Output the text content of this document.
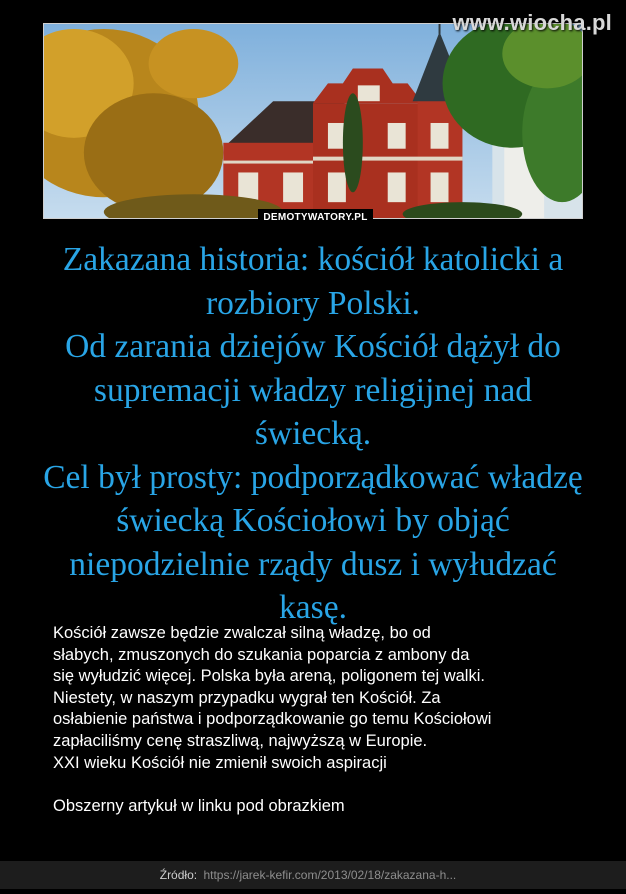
www.wiocha.pl
DEMOTYWATORY.PL
Zakazana historia: kościół katolicki a
rozbiory Polski.
Od zarania dziejów Kościół dążył do
supremacji władzy religijnej nad
świecką.
Cel był prosty: podporządkować władzę
świecką Kościołowi by objąć
niepodzielnie rządy dusz i wyłudzać
kasę.

Kościół zawsze będzie zwalczał silną władzę, bo od

słabych, zmuszonych do szukania poparcia z ambony da

się wyłudzić więcej. Polska była areną, poligonem tej walki.

Niestety, w naszym przypadku wygrał ten Kościół. Za

osłabienie państwa i podporządkowanie go temu Kościołowi

zapłaciliśmy cenę straszliwą, najwyższą w Europie.

XXI wieku Kościół nie zmienił swoich aspiracji

Obszerny artykuł w linku pod obrazkiem

Źródło: https://jarek-kefir.com/2013/02/18/zakazana-h...
